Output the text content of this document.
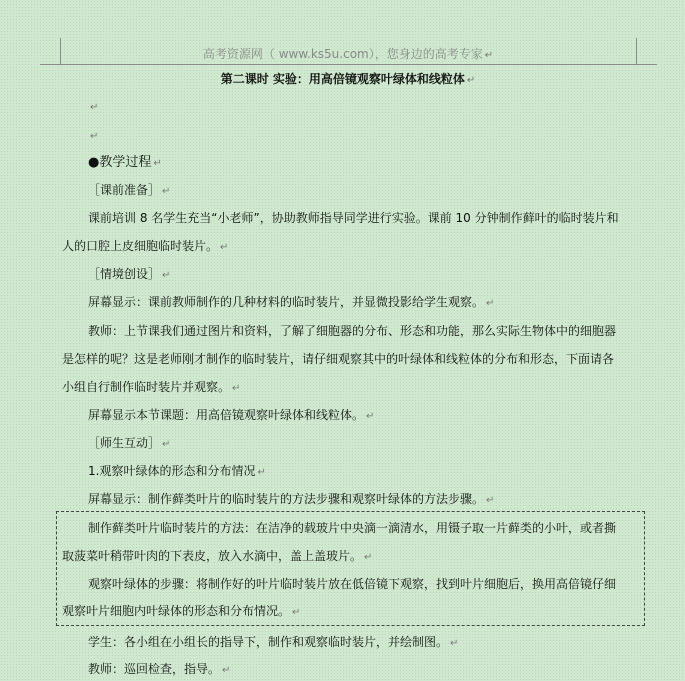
高考资源网（ www.ks5u.com），您身边的高考专家 ↵
第二课时 实验：用高倍镜观察叶绿体和线粒体 ↵
↵
↵
●教学过程 ↵
［课前准备］ ↵
课前培训 8 名学生充当“小老师”，协助教师指导同学进行实验。课前 10 分钟制作藓叶的临时装片和
人的口腔上皮细胞临时装片。 ↵
［情境创设］ ↵
屏幕显示：课前教师制作的几种材料的临时装片，并显微投影给学生观察。 ↵
教师：上节课我们通过图片和资料，了解了细胞器的分布、形态和功能，那么实际生物体中的细胞器
是怎样的呢？这是老师刚才制作的临时装片，请仔细观察其中的叶绿体和线粒体的分布和形态，下面请各
小组自行制作临时装片并观察。 ↵
屏幕显示本节课题：用高倍镜观察叶绿体和线粒体。 ↵
［师生互动］ ↵
1.观察叶绿体的形态和分布情况 ↵
屏幕显示：制作藓类叶片的临时装片的方法步骤和观察叶绿体的方法步骤。 ↵
制作藓类叶片临时装片的方法：在洁净的载玻片中央滴一滴清水，用镊子取一片藓类的小叶，或者撕
取菠菜叶稍带叶肉的下表皮，放入水滴中，盖上盖玻片。 ↵
观察叶绿体的步骤：将制作好的叶片临时装片放在低倍镜下观察，找到叶片细胞后，换用高倍镜仔细
观察叶片细胞内叶绿体的形态和分布情况。 ↵
学生：各小组在小组长的指导下，制作和观察临时装片，并绘制图。 ↵
教师：巡回检查，指导。 ↵
